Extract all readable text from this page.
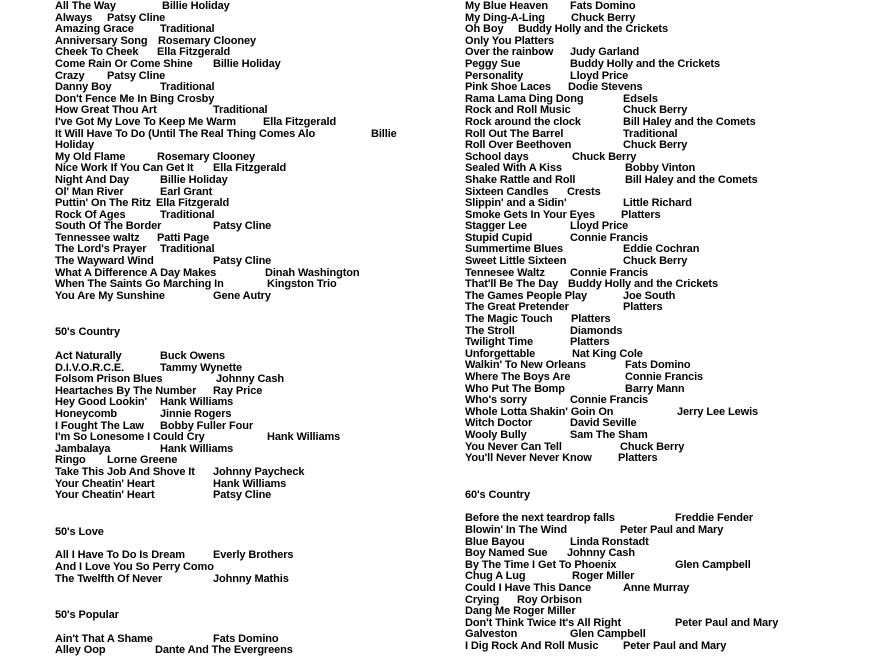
All The Way	Billie Holiday
Always Patsy Cline
Amazing Grace Traditional
Anniversary Song Rosemary Clooney
Cheek To Cheek Ella Fitzgerald
Come Rain Or Come Shine Billie Holiday
Crazy Patsy Cline
Danny Boy	Traditional
Don't Fence Me In Bing Crosby
How Great Thou Art	Traditional
I've Got My Love To Keep Me Warm Ella Fitzgerald
It Will Have To Do (Until The Real Thing Comes Alo	Billie
Holiday
My Old Flame	Rosemary Clooney
Nice Work If You Can Get It Ella Fitzgerald
Night And Day	Billie Holiday
Ol' Man River	Earl Grant
Puttin' On The Ritz Ella Fitzgerald
Rock Of Ages	Traditional
South Of The Border	Patsy Cline
Tennessee waltz Patti Page
The Lord's Prayer Traditional
The Wayward Wind	Patsy Cline
What A Difference A Day Makes	Dinah Washington
When The Saints Go Marching In	Kingston Trio
You Are My Sunshine	Gene Autry
50's Country
Act Naturally	Buck Owens
D.I.V.O.R.C.E.	Tammy Wynette
Folsom Prison Blues	Johnny Cash
Heartaches By The Number Ray Price
Hey Good Lookin' Hank Williams
Honeycomb	Jinnie Rogers
I Fought The Law Bobby Fuller Four
I'm So Lonesome I Could Cry	Hank Williams
Jambalaya	Hank Williams
Ringo Lorne Greene
Take This Job And Shove It Johnny Paycheck
Your Cheatin' Heart	Hank Williams
Your Cheatin' Heart	Patsy Cline
50's Love
All I Have To Do Is Dream	Everly Brothers
And I Love You So Perry Como
The Twelfth Of Never	Johnny Mathis
50's Popular
Ain't That A Shame	Fats Domino
Alley Oop	Dante And The Evergreens
My Blue Heaven Fats Domino
My Ding-A-Ling Chuck Berry
Oh Boy Buddy Holly and the Crickets
Only You Platters
Over the rainbow Judy Garland
Peggy Sue	Buddy Holly and the Crickets
Personality	Lloyd Price
Pink Shoe Laces Dodie Stevens
Rama Lama Ding Dong	Edsels
Rock and Roll Music	Chuck Berry
Rock around the clock	Bill Haley and the Comets
Roll Out The Barrel	Traditional
Roll Over Beethoven	Chuck Berry
School days	Chuck Berry
Sealed With A Kiss	Bobby Vinton
Shake Rattle and Roll	Bill Haley and the Comets
Sixteen Candles Crests
Slippin' and a Sidin'	Little Richard
Smoke Gets In Your Eyes Platters
Stagger Lee	Lloyd Price
Stupid Cupid	Connie Francis
Summertime Blues	Eddie Cochran
Sweet Little Sixteen	Chuck Berry
Tennesee Waltz Connie Francis
That'll Be The Day Buddy Holly and the Crickets
The Games People Play	Joe South
The Great Pretender	Platters
The Magic Touch Platters
The Stroll	Diamonds
Twilight Time	Platters
Unforgettable	Nat King Cole
Walkin' To New Orleans	Fats Domino
Where The Boys Are	Connie Francis
Who Put The Bomp	Barry Mann
Who's sorry	Connie Francis
Whole Lotta Shakin' Goin On	Jerry Lee Lewis
Witch Doctor	David Seville
Wooly Bully	Sam The Sham
You Never Can Tell	Chuck Berry
You'll Never Never Know Platters
60's Country
Before the next teardrop falls	Freddie Fender
Blowin' In The Wind	Peter Paul and Mary
Blue Bayou	Linda Ronstadt
Boy Named Sue Johnny Cash
By The Time I Get To Phoenix	Glen Campbell
Chug A Lug	Roger Miller
Could I Have This Dance	Anne Murray
Crying Roy Orbison
Dang Me Roger Miller
Don't Think Twice It's All Right	Peter Paul and Mary
Galveston	Glen Campbell
I Dig Rock And Roll Music Peter Paul and Mary
